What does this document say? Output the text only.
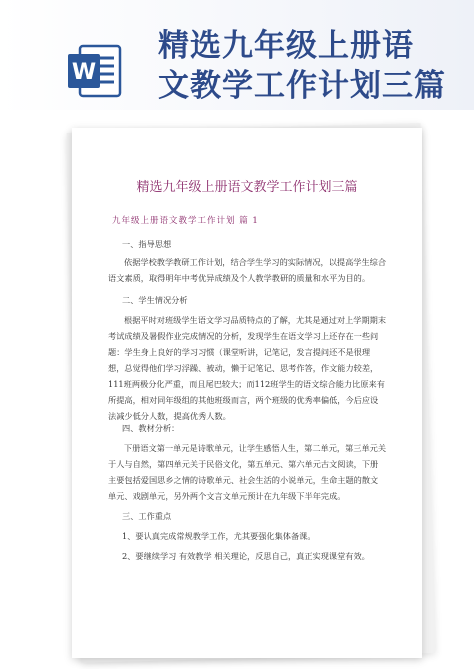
W
精选九年级上册语
文教学工作计划三篇
精选九年级上册语文教学工作计划三篇
九年级上册语文教学工作计划 篇 1
一、指导思想
依据学校教学教研工作计划，结合学生学习的实际情况，以提高学生综合语文素质，取得明年中考优异成绩及个人教学教研的质量和水平为目的。
二、学生情况分析
根据平时对班级学生语文学习品质特点的了解，尤其是通过对上学期期末考试成绩及暑假作业完成情况的分析，发现学生在语文学习上还存在一些问题：学生身上良好的学习习惯（课堂听讲，记笔记，发言提问还不是很理想，总觉得他们学习浮躁、被动，懒于记笔记、思考作答，作文能力较差，111班两极分化严重，而且尾巴较大；而112班学生的语文综合能力比原来有所提高，相对同年级组的其他班级而言，两个班级的优秀率偏低，今后应设法减少低分人数，提高优秀人数。
四、教材分析：
下册语文第一单元是诗歌单元，让学生感悟人生，第二单元，第三单元关于人与自然，第四单元关于民俗文化，第五单元、第六单元古文阅读，下册主要包括爱国思乡之情的诗歌单元、社会生活的小说单元，生命主题的散文单元、戏剧单元，另外两个文言文单元预计在九年级下半年完成。
三、工作重点
1、要认真完成常规教学工作，尤其要强化集体备课。
2、要继续学习 有效教学 相关理论，反思自己，真正实现课堂有效。
